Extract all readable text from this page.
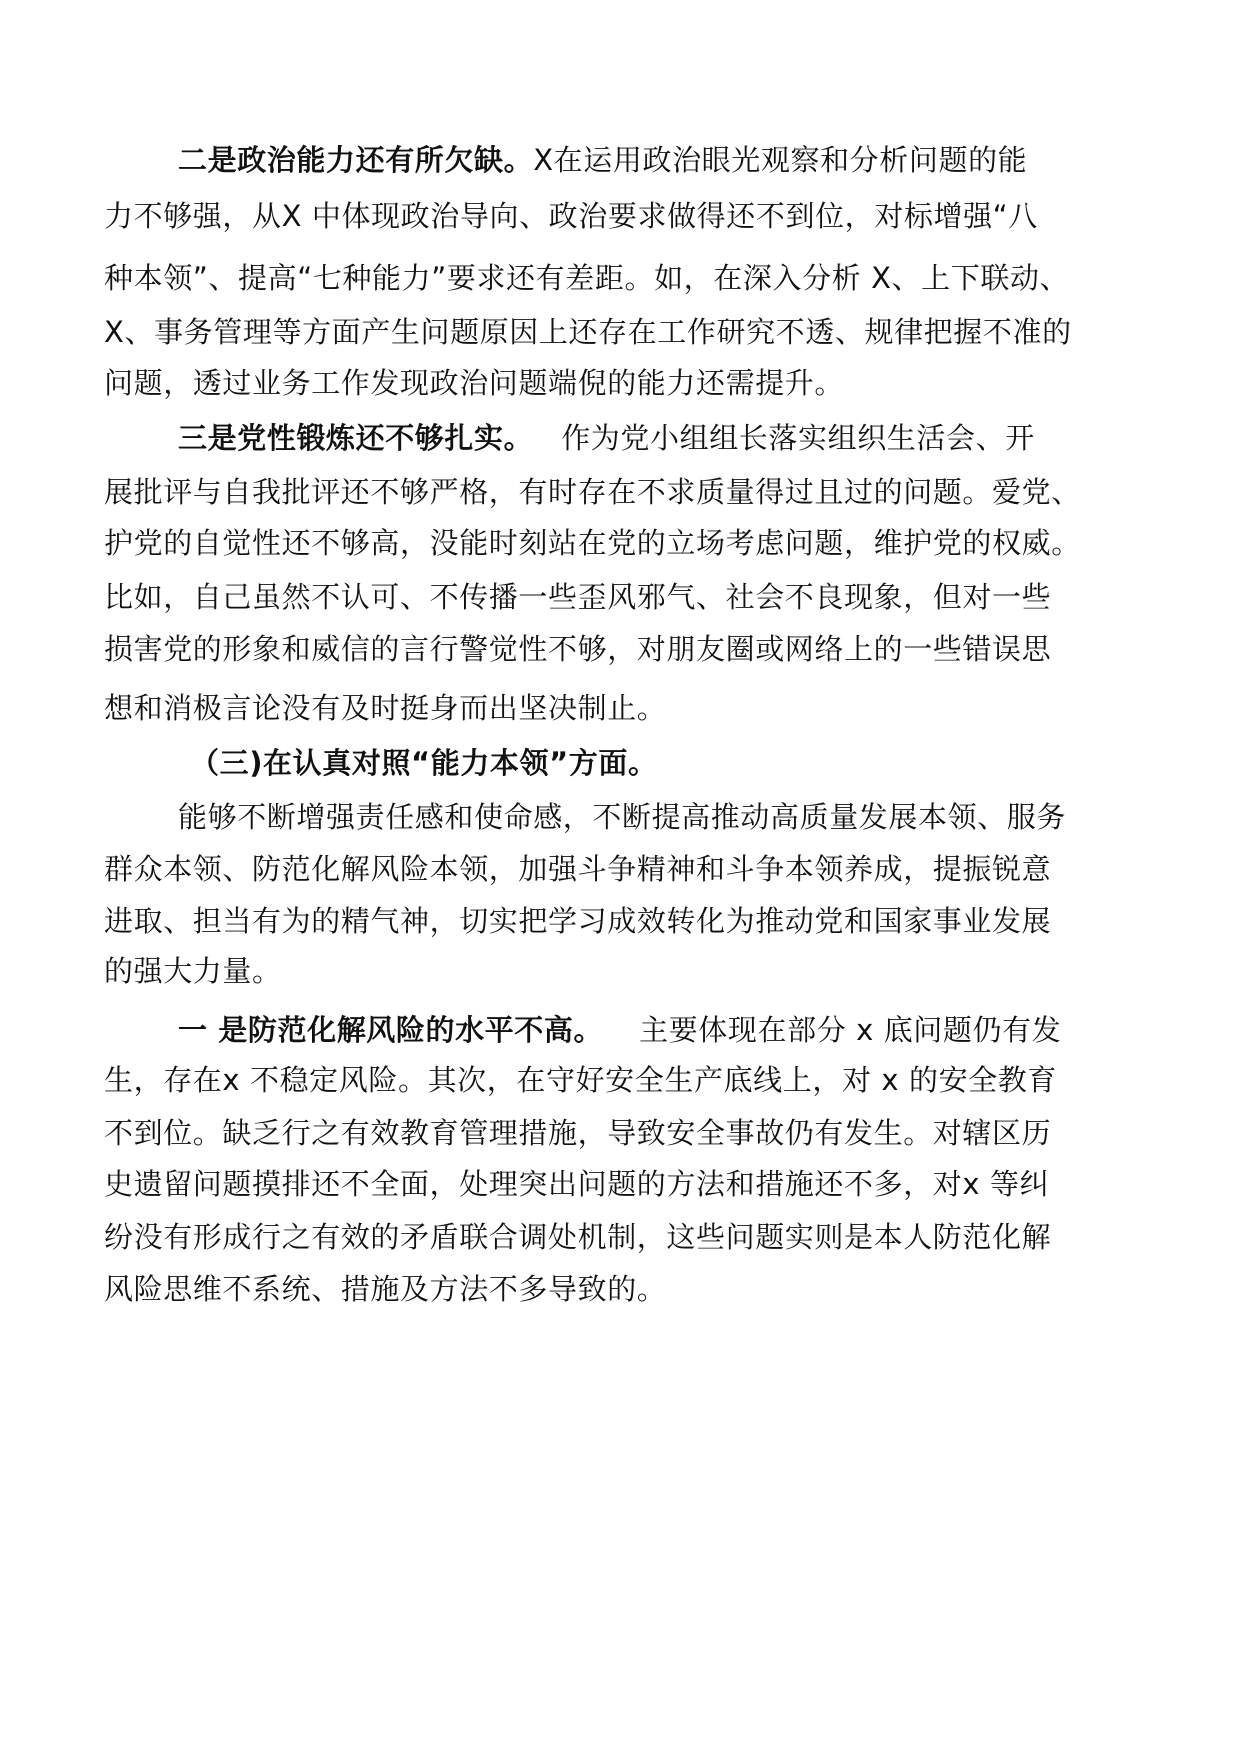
二是政治能力还有所欠缺。X在运用政治眼光观察和分析问题的能
力不够强，从X 中体现政治导向、政治要求做得还不到位，对标增强“八
种本领”、提高“七种能力”要求还有差距。如，在深入分析 X、上下联动、
X、事务管理等方面产生问题原因上还存在工作研究不透、规律把握不准的
问题，透过业务工作发现政治问题端倪的能力还需提升。
三是党性锻炼还不够扎实。 作为党小组组长落实组织生活会、开
展批评与自我批评还不够严格，有时存在不求质量得过且过的问题。爱党、
护党的自觉性还不够高，没能时刻站在党的立场考虑问题，维护党的权威。
比如，自己虽然不认可、不传播一些歪风邪气、社会不良现象，但对一些
损害党的形象和威信的言行警觉性不够，对朋友圈或网络上的一些错误思
想和消极言论没有及时挺身而出坚决制止。
（三)在认真对照“能力本领”方面。
能够不断增强责任感和使命感，不断提高推动高质量发展本领、服务
群众本领、防范化解风险本领，加强斗争精神和斗争本领养成，提振锐意
进取、担当有为的精气神，切实把学习成效转化为推动党和国家事业发展
的强大力量。
一 是防范化解风险的水平不高。 主要体现在部分 x 底问题仍有发
生，存在x 不稳定风险。其次，在守好安全生产底线上，对 x 的安全教育
不到位。缺乏行之有效教育管理措施，导致安全事故仍有发生。对辖区历
史遗留问题摸排还不全面，处理突出问题的方法和措施还不多，对x 等纠
纷没有形成行之有效的矛盾联合调处机制，这些问题实则是本人防范化解
风险思维不系统、措施及方法不多导致的。
